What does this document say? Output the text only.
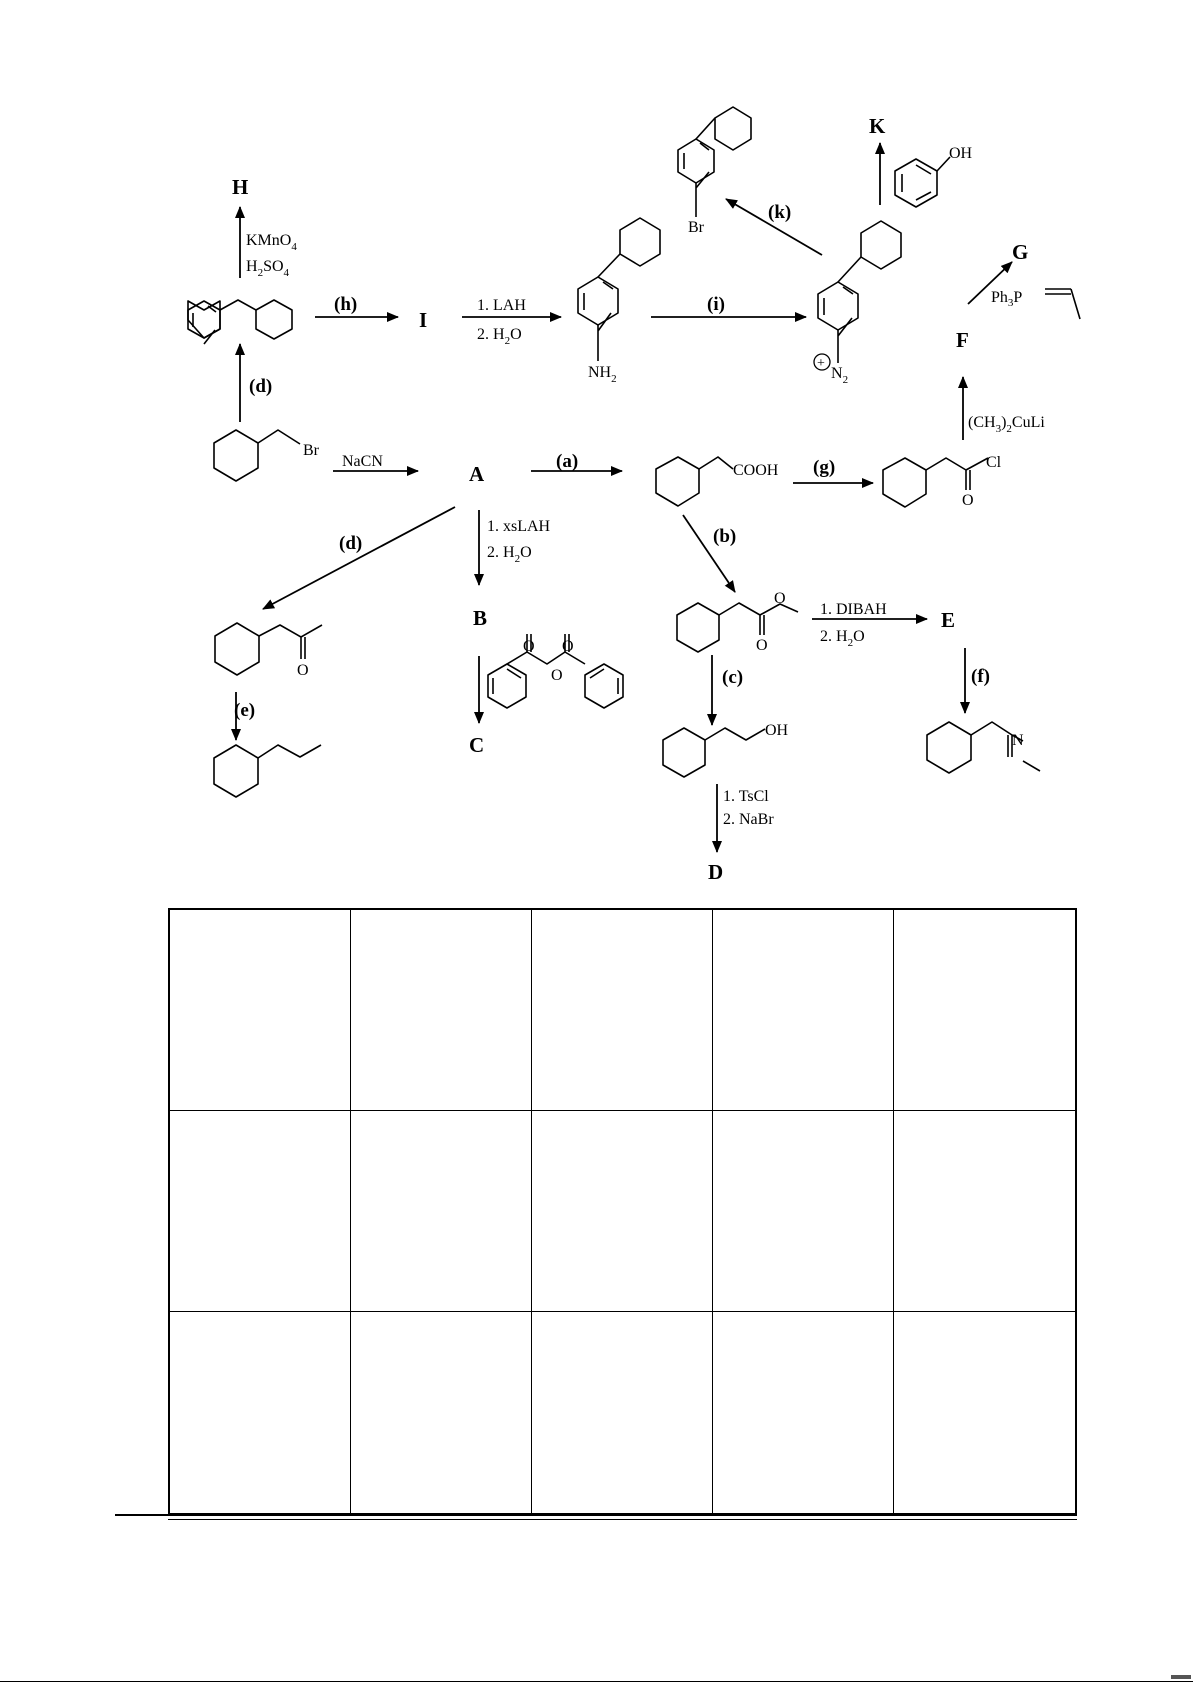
H
I
A
B
C
D
E
F
G
K
(a)
(b)
(c)
(d)
(d)
(e)
(f)
(g)
(h)	(i)
(k)
KMnO$_4$
$H_2SO_4$
NaCN
1. LAH
2. $H_2O$
1. xsLAH
2. $H_2O$
1. DIBAH
2. $H_2O$
1. TsCl
2. NaBr
$(CH_3)_2CuLi$
Br
COOH	Cl
O
O
O
O
O	O
O
OH
N
OH
Br
$NH_2$	$N_2$
+
$Ph_3P$
